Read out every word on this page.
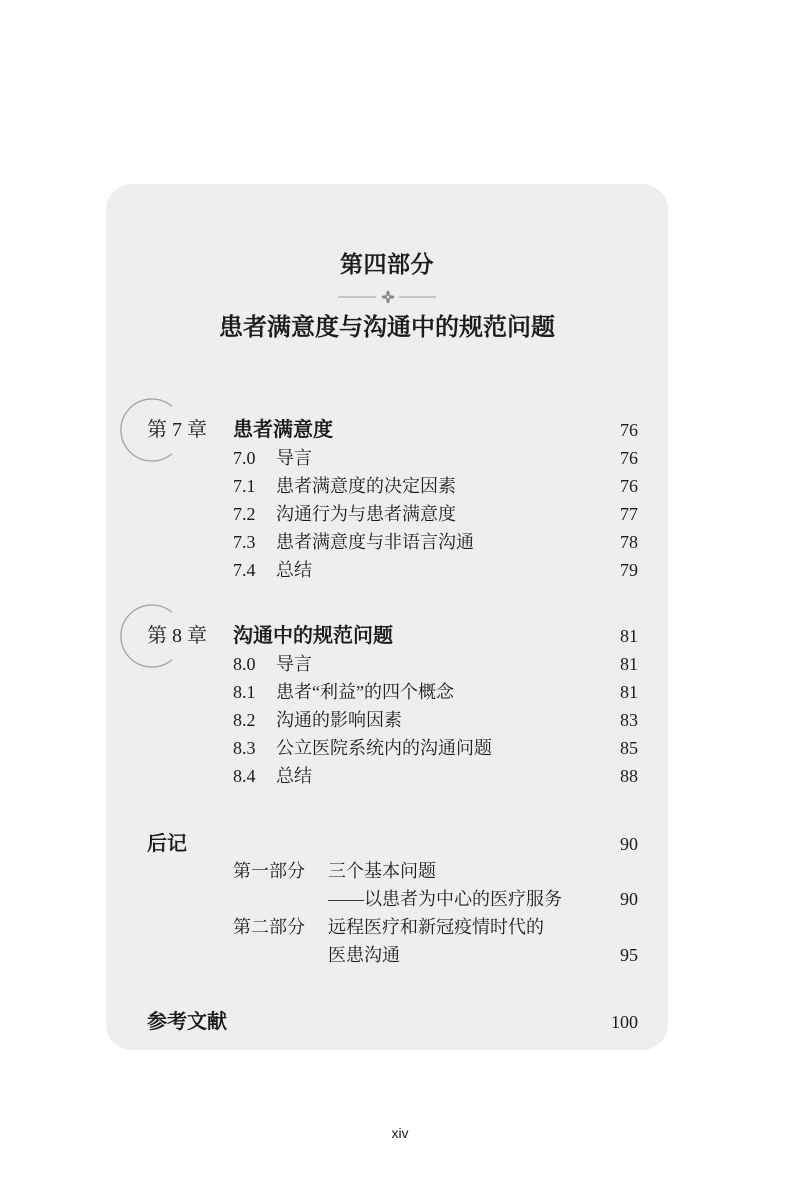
第四部分
患者满意度与沟通中的规范问题
第 7 章 患者满意度	76
7.0 导言	76
7.1 患者满意度的决定因素	76
7.2 沟通行为与患者满意度	77
7.3 患者满意度与非语言沟通	78
7.4 总结	79
第 8 章 沟通中的规范问题	81
8.0 导言	81
8.1 患者“利益”的四个概念	81
8.2 沟通的影响因素	83
8.3 公立医院系统内的沟通问题	85
8.4 总结	88
后记	90
第一部分 三个基本问题
——以患者为中心的医疗服务	90
第二部分 远程医疗和新冠疫情时代的
医患沟通	95
参考文献	100
xiv
